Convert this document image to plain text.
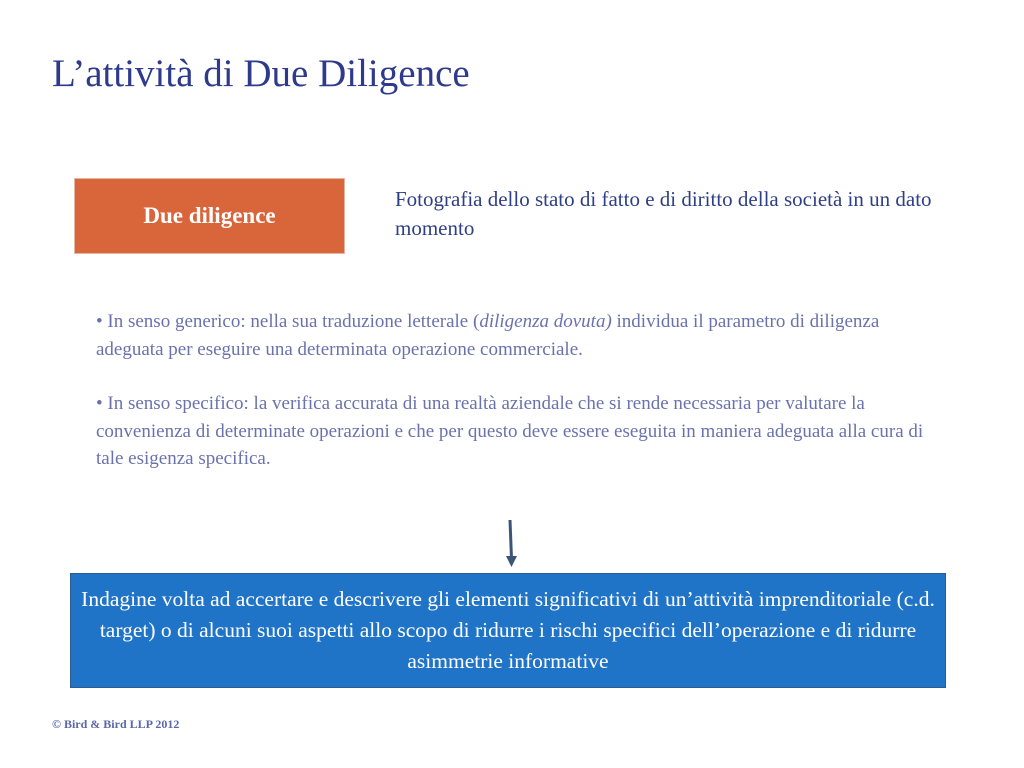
L’attività di Due Diligence
Due diligence
Fotografia dello stato di fatto e di diritto della società in un dato momento

• In senso generico: nella sua traduzione letterale (diligenza dovuta) individua il parametro di diligenza adeguata per eseguire una determinata operazione commerciale.

• In senso specifico: la verifica accurata di una realtà aziendale che si rende necessaria per valutare la convenienza di determinate operazioni e che per questo deve essere eseguita in maniera adeguata alla cura di tale esigenza specifica.

Indagine volta ad accertare e descrivere gli elementi significativi di un’attività imprenditoriale (c.d. target) o di alcuni suoi aspetti allo scopo di ridurre i rischi specifici dell’operazione e di ridurre asimmetrie informative
© Bird & Bird LLP 2012
